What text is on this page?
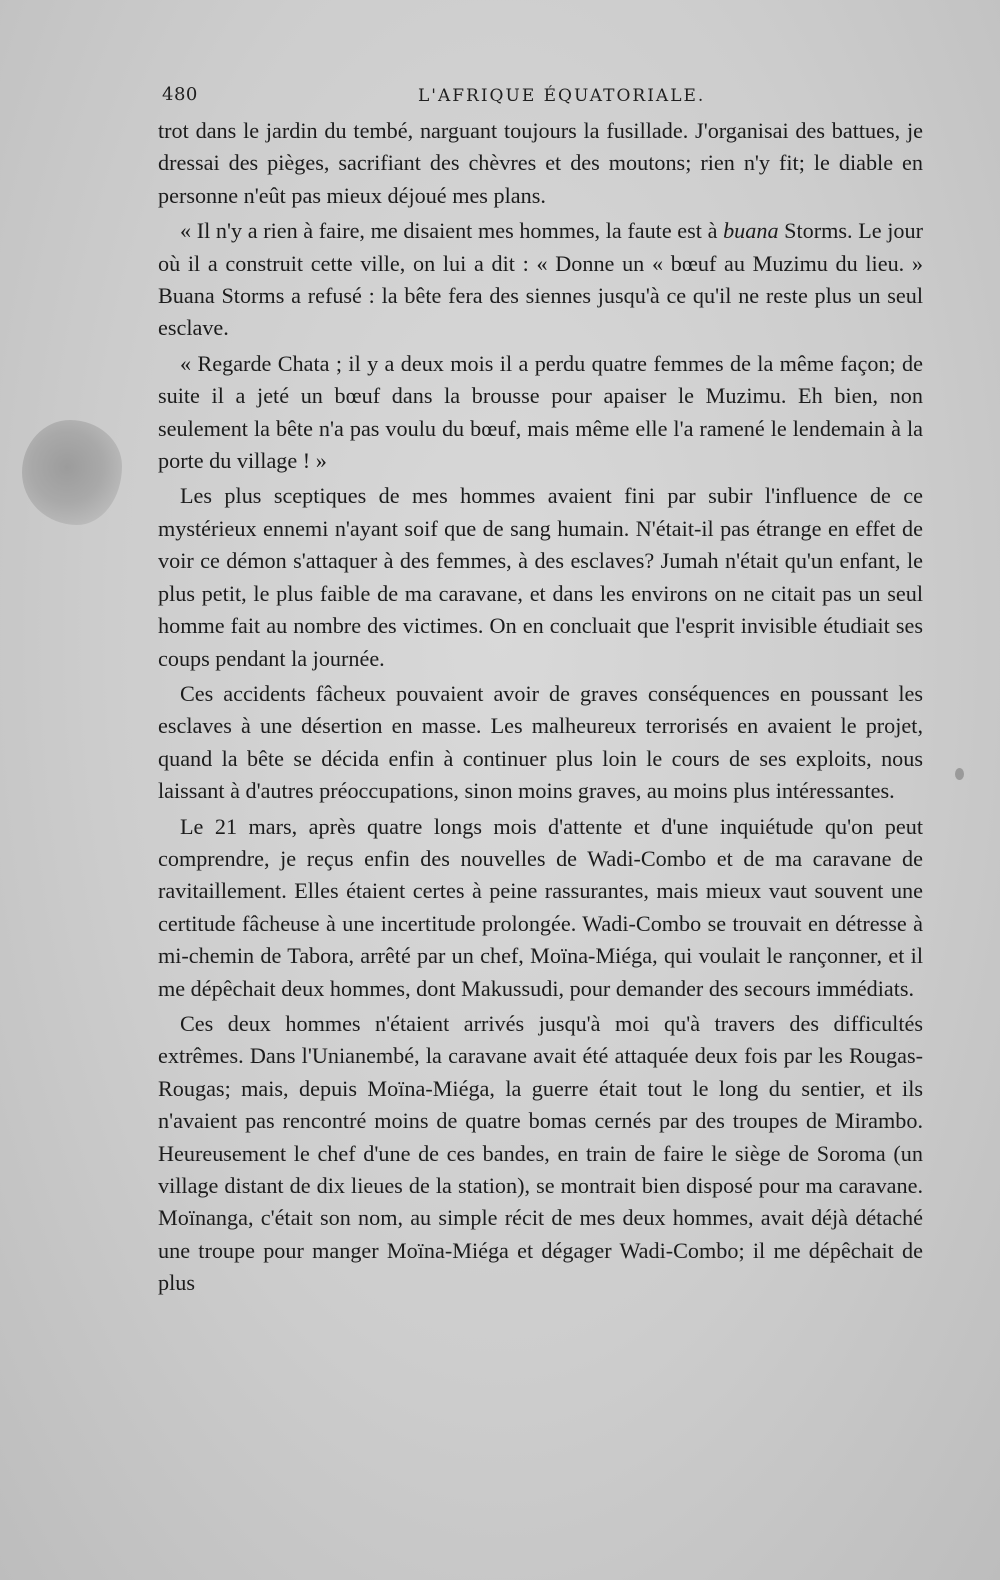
480	L'AFRIQUE ÉQUATORIALE.

trot dans le jardin du tembé, narguant toujours la fusillade. J'organisai des battues, je dressai des pièges, sacrifiant des chèvres et des moutons; rien n'y fit; le diable en personne n'eût pas mieux déjoué mes plans.

« Il n'y a rien à faire, me disaient mes hommes, la faute est à buana Storms. Le jour où il a construit cette ville, on lui a dit : « Donne un « bœuf au Muzimu du lieu. » Buana Storms a refusé : la bête fera des siennes jusqu'à ce qu'il ne reste plus un seul esclave.

« Regarde Chata ; il y a deux mois il a perdu quatre femmes de la même façon; de suite il a jeté un bœuf dans la brousse pour apaiser le Muzimu. Eh bien, non seulement la bête n'a pas voulu du bœuf, mais même elle l'a ramené le lendemain à la porte du village ! »

Les plus sceptiques de mes hommes avaient fini par subir l'influence de ce mystérieux ennemi n'ayant soif que de sang humain. N'était-il pas étrange en effet de voir ce démon s'attaquer à des femmes, à des esclaves? Jumah n'était qu'un enfant, le plus petit, le plus faible de ma caravane, et dans les environs on ne citait pas un seul homme fait au nombre des victimes. On en concluait que l'esprit invisible étudiait ses coups pendant la journée.

Ces accidents fâcheux pouvaient avoir de graves conséquences en poussant les esclaves à une désertion en masse. Les malheureux terrorisés en avaient le projet, quand la bête se décida enfin à continuer plus loin le cours de ses exploits, nous laissant à d'autres préoccupations, sinon moins graves, au moins plus intéressantes.

Le 21 mars, après quatre longs mois d'attente et d'une inquiétude qu'on peut comprendre, je reçus enfin des nouvelles de Wadi-Combo et de ma caravane de ravitaillement. Elles étaient certes à peine rassurantes, mais mieux vaut souvent une certitude fâcheuse à une incertitude prolongée. Wadi-Combo se trouvait en détresse à mi-chemin de Tabora, arrêté par un chef, Moïna-Miéga, qui voulait le rançonner, et il me dépêchait deux hommes, dont Makussudi, pour demander des secours immédiats.

Ces deux hommes n'étaient arrivés jusqu'à moi qu'à travers des difficultés extrêmes. Dans l'Unianembé, la caravane avait été attaquée deux fois par les Rougas-Rougas; mais, depuis Moïna-Miéga, la guerre était tout le long du sentier, et ils n'avaient pas rencontré moins de quatre bomas cernés par des troupes de Mirambo. Heureusement le chef d'une de ces bandes, en train de faire le siège de Soroma (un village distant de dix lieues de la station), se montrait bien disposé pour ma caravane. Moïnanga, c'était son nom, au simple récit de mes deux hommes, avait déjà détaché une troupe pour manger Moïna-Miéga et dégager Wadi-Combo; il me dépêchait de plus
